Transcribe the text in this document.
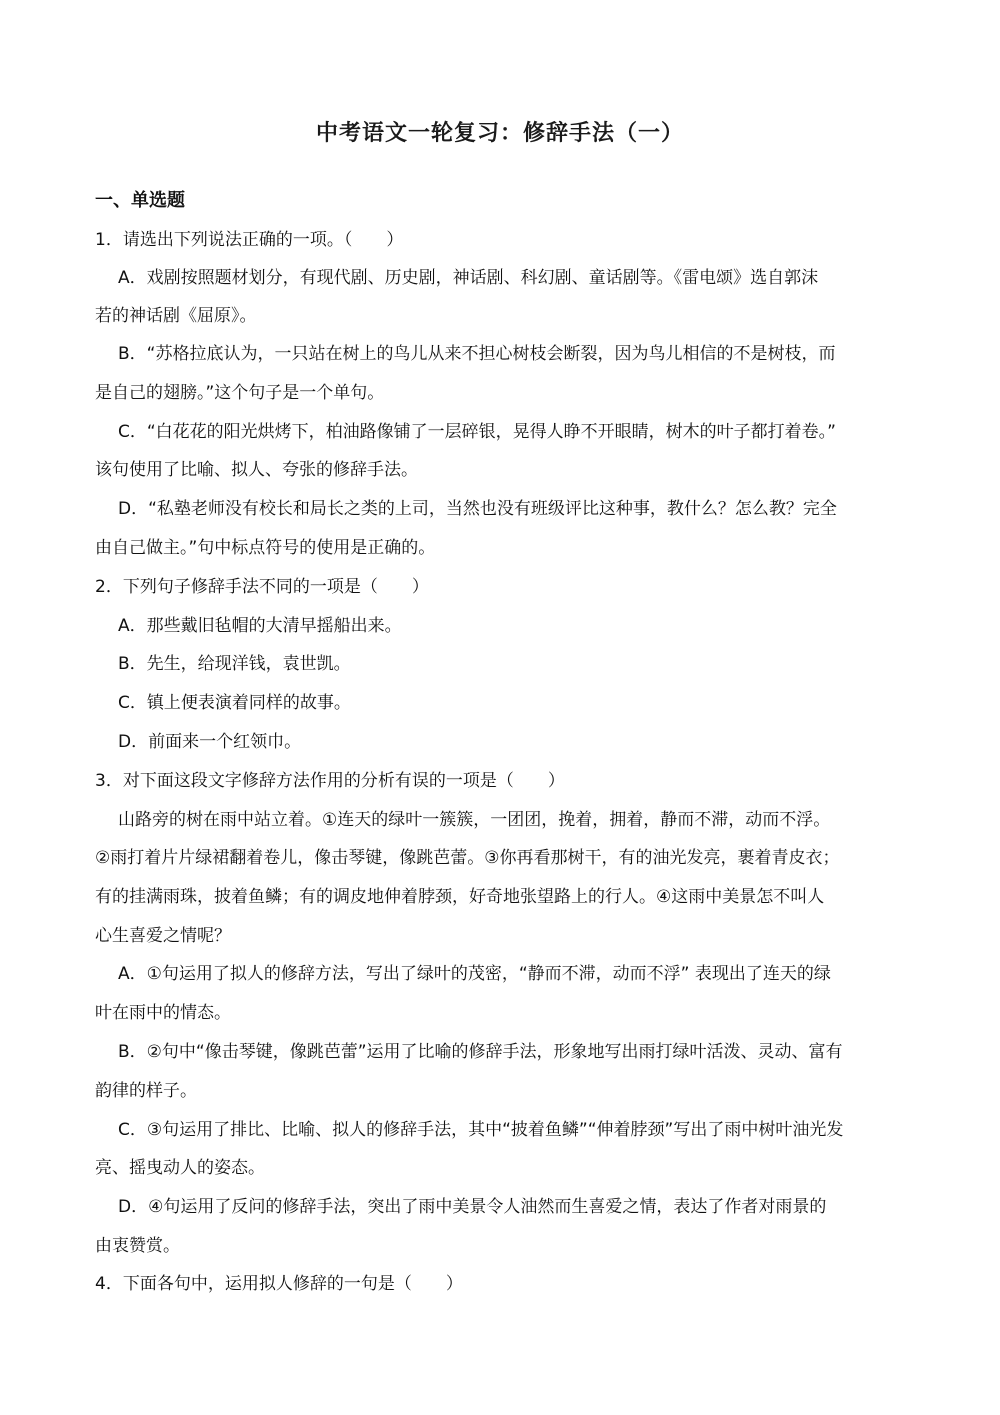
中考语文一轮复习：修辞手法（一）
一、单选题
1．请选出下列说法正确的一项。（　　）
A．戏剧按照题材划分，有现代剧、历史剧，神话剧、科幻剧、童话剧等。《雷电颂》选自郭沫
若的神话剧《屈原》。
B．“苏格拉底认为，一只站在树上的鸟儿从来不担心树枝会断裂，因为鸟儿相信的不是树枝，而
是自己的翅膀。”这个句子是一个单句。
C．“白花花的阳光烘烤下，柏油路像铺了一层碎银，晃得人睁不开眼睛，树木的叶子都打着卷。”
该句使用了比喻、拟人、夸张的修辞手法。
D．“私塾老师没有校长和局长之类的上司，当然也没有班级评比这种事，教什么？怎么教？完全
由自己做主。”句中标点符号的使用是正确的。
2．下列句子修辞手法不同的一项是（　　）
A．那些戴旧毡帽的大清早摇船出来。
B．先生，给现洋钱，袁世凯。
C．镇上便表演着同样的故事。
D．前面来一个红领巾。
3．对下面这段文字修辞方法作用的分析有误的一项是（　　）
山路旁的树在雨中站立着。①连天的绿叶一簇簇，一团团，挽着，拥着，静而不滞，动而不浮。
②雨打着片片绿裙翻着卷儿，像击琴键，像跳芭蕾。③你再看那树干，有的油光发亮，裹着青皮衣；
有的挂满雨珠，披着鱼鳞；有的调皮地伸着脖颈，好奇地张望路上的行人。④这雨中美景怎不叫人
心生喜爱之情呢？
A．①句运用了拟人的修辞方法，写出了绿叶的茂密，“静而不滞，动而不浮” 表现出了连天的绿
叶在雨中的情态。
B．②句中“像击琴键，像跳芭蕾”运用了比喻的修辞手法，形象地写出雨打绿叶活泼、灵动、富有
韵律的样子。
C．③句运用了排比、比喻、拟人的修辞手法，其中“披着鱼鳞”“伸着脖颈”写出了雨中树叶油光发
亮、摇曳动人的姿态。
D．④句运用了反问的修辞手法，突出了雨中美景令人油然而生喜爱之情，表达了作者对雨景的
由衷赞赏。
4．下面各句中，运用拟人修辞的一句是（　　）
